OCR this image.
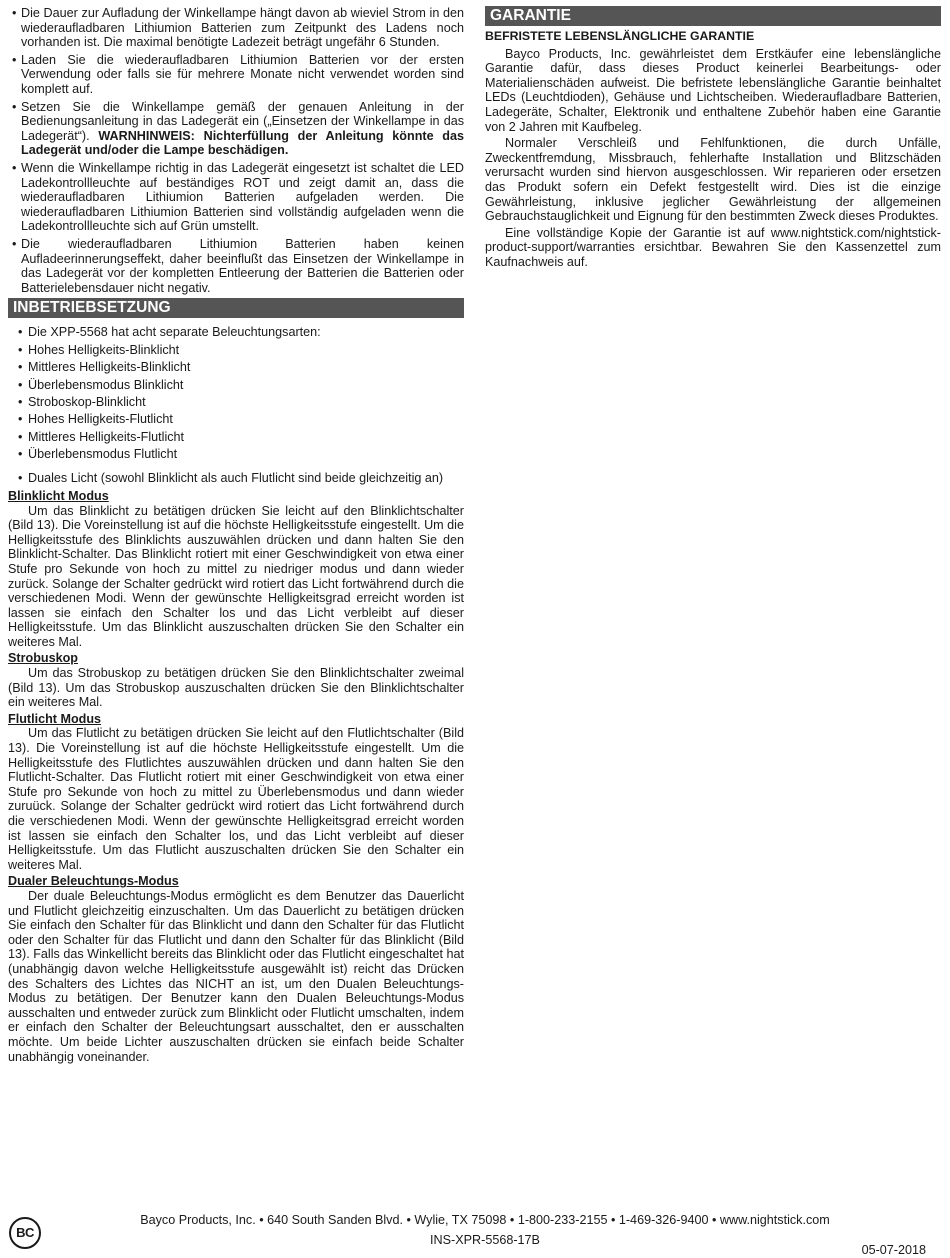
• Die Dauer zur Aufladung der Winkellampe hängt davon ab wieviel Strom in den wiederaufladbaren Lithiumion Batterien zum Zeitpunkt des Ladens noch vorhanden ist. Die maximal benötigte Ladezeit beträgt ungefähr 6 Stunden.
• Laden Sie die wiederaufladbaren Lithiumion Batterien vor der ersten Verwendung oder falls sie für mehrere Monate nicht verwendet worden sind komplett auf.
• Setzen Sie die Winkellampe gemäß der genauen Anleitung in der Bedienungsanleitung in das Ladegerät ein („Einsetzen der Winkellampe in das Ladegerät“). WARNHINWEIS: Nichterfüllung der Anleitung könnte das Ladegerät und/oder die Lampe beschädigen.
• Wenn die Winkellampe richtig in das Ladegerät eingesetzt ist schaltet die LED Ladekontrollleuchte auf beständiges ROT und zeigt damit an, dass die wiederaufladbaren Lithiumion Batterien aufgeladen werden. Die wiederaufladbaren Lithiumion Batterien sind vollständig aufgeladen wenn die Ladekontrollleuchte sich auf Grün umstellt.
• Die wiederaufladbaren Lithiumion Batterien haben keinen Aufladeerinnerungseffekt, daher beeinflußt das Einsetzen der Winkellampe in das Ladegerät vor der kompletten Entleerung der Batterien die Batterien oder Batterielebensdauer nicht negativ.
INBETRIEBSETZUNG
• Die XPP-5568 hat acht separate Beleuchtungsarten:
• Hohes Helligkeits-Blinklicht
• Mittleres Helligkeits-Blinklicht
• Überlebensmodus Blinklicht
• Stroboskop-Blinklicht
• Hohes Helligkeits-Flutlicht
• Mittleres Helligkeits-Flutlicht
• Überlebensmodus Flutlicht
• Duales Licht (sowohl Blinklicht als auch Flutlicht sind beide gleichzeitig an)
Blinklicht Modus
Um das Blinklicht zu betätigen drücken Sie leicht auf den Blinklichtschalter (Bild 13). Die Voreinstellung ist auf die höchste Helligkeitsstufe eingestellt. Um die Helligkeitsstufe des Blinklichts auszuwählen drücken und dann halten Sie den Blinklicht-Schalter. Das Blinklicht rotiert mit einer Geschwindigkeit von etwa einer Stufe pro Sekunde von hoch zu mittel zu niedriger modus und dann wieder zurück. Solange der Schalter gedrückt wird rotiert das Licht fortwährend durch die verschiedenen Modi. Wenn der gewünschte Helligkeitsgrad erreicht worden ist lassen sie einfach den Schalter los und das Licht verbleibt auf dieser Helligkeitsstufe. Um das Blinklicht auszuschalten drücken Sie den Schalter ein weiteres Mal.
Strobuskop
Um das Strobuskop zu betätigen drücken Sie den Blinklichtschalter zweimal (Bild 13). Um das Strobuskop auszuschalten drücken Sie den Blinklichtschalter ein weiteres Mal.
Flutlicht Modus
Um das Flutlicht zu betätigen drücken Sie leicht auf den Flutlichtschalter (Bild 13). Die Voreinstellung ist auf die höchste Helligkeitsstufe eingestellt. Um die Helligkeitsstufe des Flutlichtes auszuwählen drücken und dann halten Sie den Flutlicht-Schalter. Das Flutlicht rotiert mit einer Geschwindigkeit von etwa einer Stufe pro Sekunde von hoch zu mittel zu Überlebensmodus und dann wieder zuruück. Solange der Schalter gedrückt wird rotiert das Licht fortwährend durch die verschiedenen Modi. Wenn der gewünschte Helligkeitsgrad erreicht worden ist lassen sie einfach den Schalter los, und das Licht verbleibt auf dieser Helligkeitsstufe. Um das Flutlicht auszuschalten drücken Sie den Schalter ein weiteres Mal.
Dualer Beleuchtungs-Modus
Der duale Beleuchtungs-Modus ermöglicht es dem Benutzer das Dauerlicht und Flutlicht gleichzeitig einzuschalten. Um das Dauerlicht zu betätigen drücken Sie einfach den Schalter für das Blinklicht und dann den Schalter für das Flutlicht oder den Schalter für das Flutlicht und dann den Schalter für das Blinklicht (Bild 13). Falls das Winkellicht bereits das Blinklicht oder das Flutlicht eingeschaltet hat (unabhängig davon welche Helligkeitsstufe ausgewählt ist) reicht das Drücken des Schalters des Lichtes das NICHT an ist, um den Dualen Beleuchtungs-Modus zu betätigen. Der Benutzer kann den Dualen Beleuchtungs-Modus ausschalten und entweder zurück zum Blinklicht oder Flutlicht umschalten, indem er einfach den Schalter der Beleuchtungsart ausschaltet, den er ausschalten möchte. Um beide Lichter auszuschalten drücken sie einfach beide Schalter unabhängig voneinander.
GARANTIE
BEFRISTETE LEBENSLÄNGLICHE GARANTIE
Bayco Products, Inc. gewährleistet dem Erstkäufer eine lebenslängliche Garantie dafür, dass dieses Product keinerlei Bearbeitungs- oder Materialienschäden aufweist. Die befristete lebenslängliche Garantie beinhaltet LEDs (Leuchtdioden), Gehäuse und Lichtscheiben. Wiederaufladbare Batterien, Ladegeräte, Schalter, Elektronik und enthaltene Zubehör haben eine Garantie von 2 Jahren mit Kaufbeleg.
Normaler Verschleiß und Fehlfunktionen, die durch Unfälle, Zweckentfremdung, Missbrauch, fehlerhafte Installation und Blitzschäden verursacht wurden sind hiervon ausgeschlossen. Wir reparieren oder ersetzen das Produkt sofern ein Defekt festgestellt wird. Dies ist die einzige Gewährleistung, inklusive jeglicher Gewährleistung der allgemeinen Gebrauchstauglichkeit und Eignung für den bestimmten Zweck dieses Produktes.
Eine vollständige Kopie der Garantie ist auf www.nightstick.com/nightstick-product-support/warranties ersichtbar. Bewahren Sie den Kassenzettel zum Kaufnachweis auf.
BC
Bayco Products, Inc. • 640 South Sanden Blvd. • Wylie, TX 75098 • 1-800-233-2155 • 1-469-326-9400 • www.nightstick.com
INS-XPR-5568-17B
05-07-2018
